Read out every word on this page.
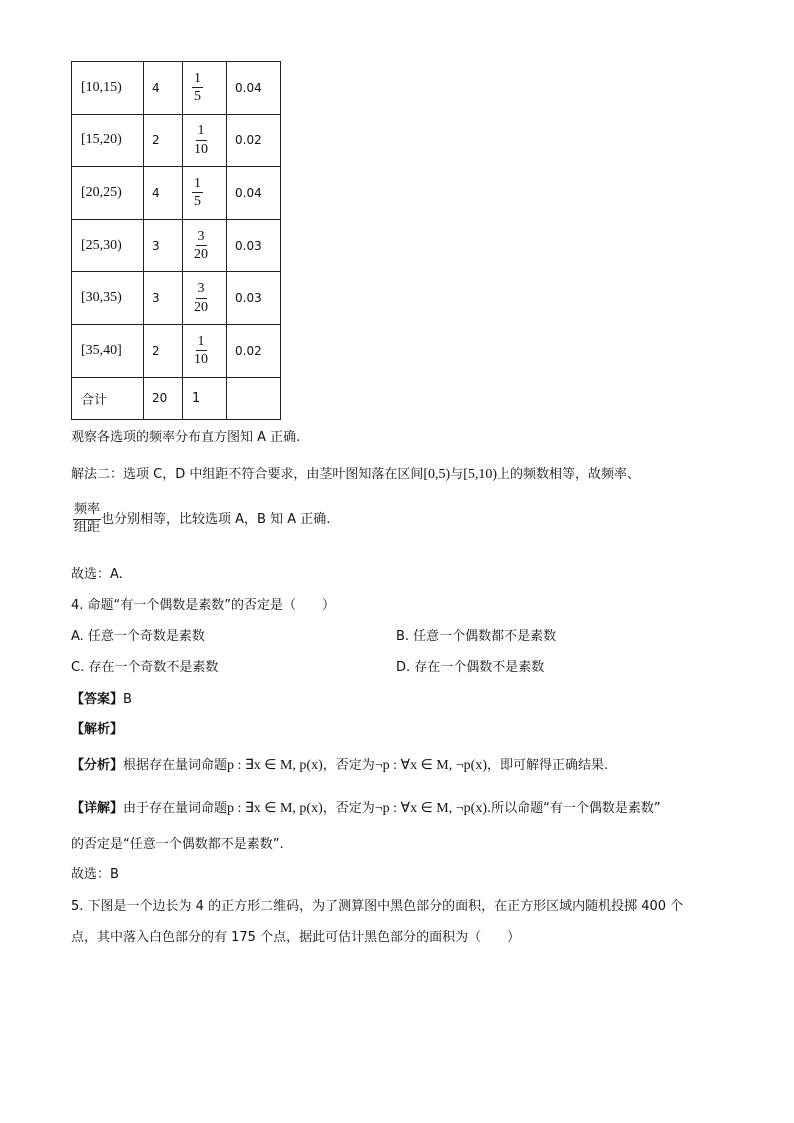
[10,15)	4	$\frac{1}{5}$	0.04
[15,20)	2	$\frac{1}{10}$	0.02
[20,25)	4	$\frac{1}{5}$	0.04
[25,30)	3	$\frac{3}{20}$	0.03
[30,35)	3	$\frac{3}{20}$	0.03
[35,40]	2	$\frac{1}{10}$	0.02
合计	20	1	
观察各选项的频率分布直方图知 A 正确.
解法二：选项 C，D 中组距不符合要求，由茎叶图知落在区间[0,5)与[5,10)上的频数相等，故频率、
$\frac{\text{频率}}{\text{组距}}$ 也分别相等，比较选项 A，B 知 A 正确.
故选：A.
4. 命题“有一个偶数是素数”的否定是（　　）
A. 任意一个奇数是素数	B. 任意一个偶数都不是素数
C. 存在一个奇数不是素数	D. 存在一个偶数不是素数
【答案】B
【解析】
【分析】根据存在量词命题p : ∃x ∈ M, p(x)，否定为¬p : ∀x ∈ M, ¬p(x)，即可解得正确结果.
【详解】由于存在量词命题p : ∃x ∈ M, p(x)，否定为¬p : ∀x ∈ M, ¬p(x).所以命题“有一个偶数是素数”
的否定是“任意一个偶数都不是素数”.
故选：B
5. 下图是一个边长为 4 的正方形二维码，为了测算图中黑色部分的面积，在正方形区域内随机投掷 400 个
点，其中落入白色部分的有 175 个点，据此可估计黑色部分的面积为（　　）
